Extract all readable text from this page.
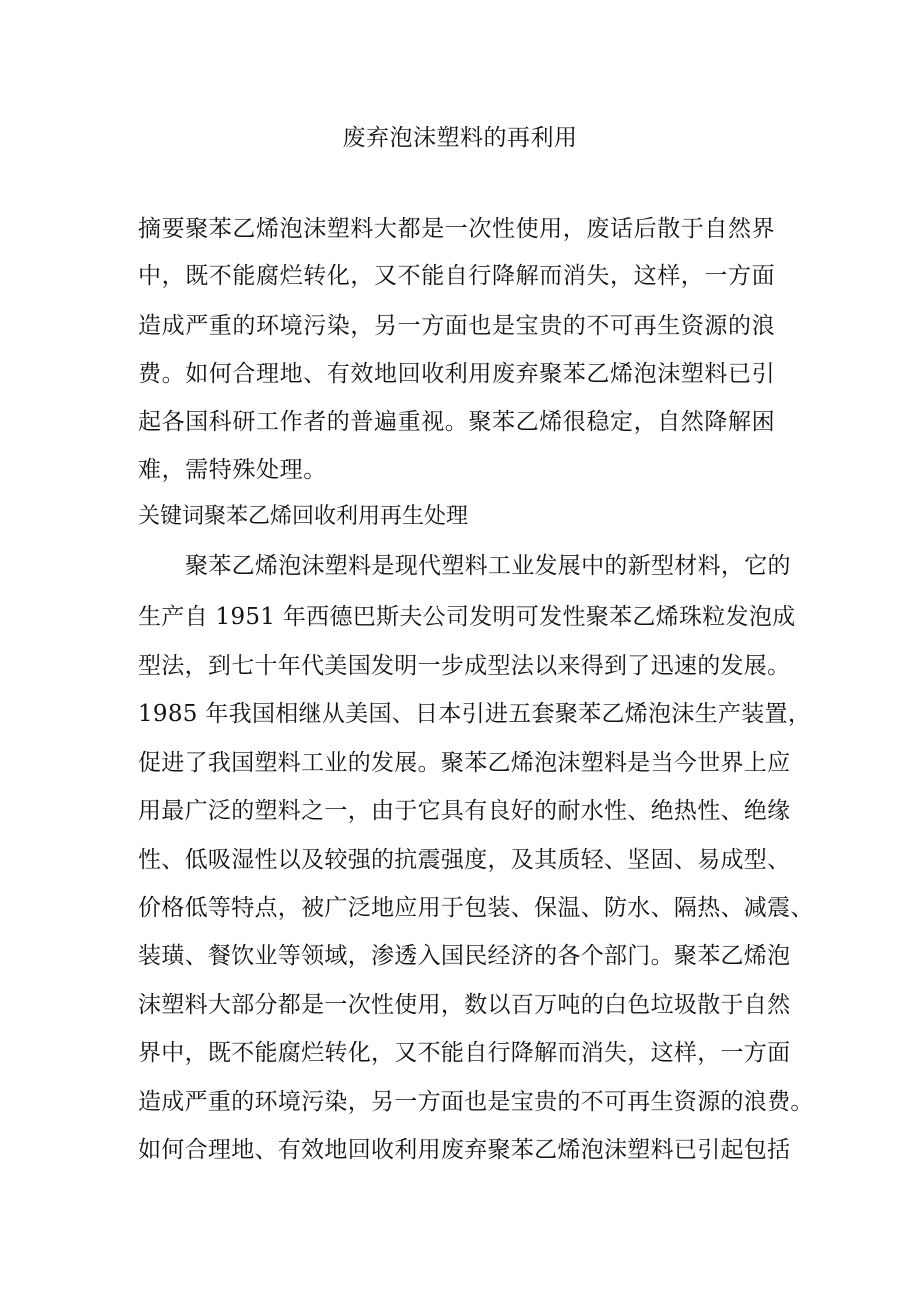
废弃泡沫塑料的再利用
摘要聚苯乙烯泡沫塑料大都是一次性使用，废话后散于自然界
中，既不能腐烂转化，又不能自行降解而消失，这样，一方面
造成严重的环境污染，另一方面也是宝贵的不可再生资源的浪
费。如何合理地、有效地回收利用废弃聚苯乙烯泡沫塑料已引
起各国科研工作者的普遍重视。聚苯乙烯很稳定，自然降解困
难，需特殊处理。
关键词聚苯乙烯回收利用再生处理
聚苯乙烯泡沫塑料是现代塑料工业发展中的新型材料，它的
生产自 1951 年西德巴斯夫公司发明可发性聚苯乙烯珠粒发泡成
型法，到七十年代美国发明一步成型法以来得到了迅速的发展。
1985 年我国相继从美国、日本引进五套聚苯乙烯泡沫生产装置，
促进了我国塑料工业的发展。聚苯乙烯泡沫塑料是当今世界上应
用最广泛的塑料之一，由于它具有良好的耐水性、绝热性、绝缘
性、低吸湿性以及较强的抗震强度，及其质轻、坚固、易成型、
价格低等特点，被广泛地应用于包装、保温、防水、隔热、减震、
装璜、餐饮业等领域，渗透入国民经济的各个部门。聚苯乙烯泡
沫塑料大部分都是一次性使用，数以百万吨的白色垃圾散于自然
界中，既不能腐烂转化，又不能自行降解而消失，这样，一方面
造成严重的环境污染，另一方面也是宝贵的不可再生资源的浪费。
如何合理地、有效地回收利用废弃聚苯乙烯泡沫塑料已引起包括
